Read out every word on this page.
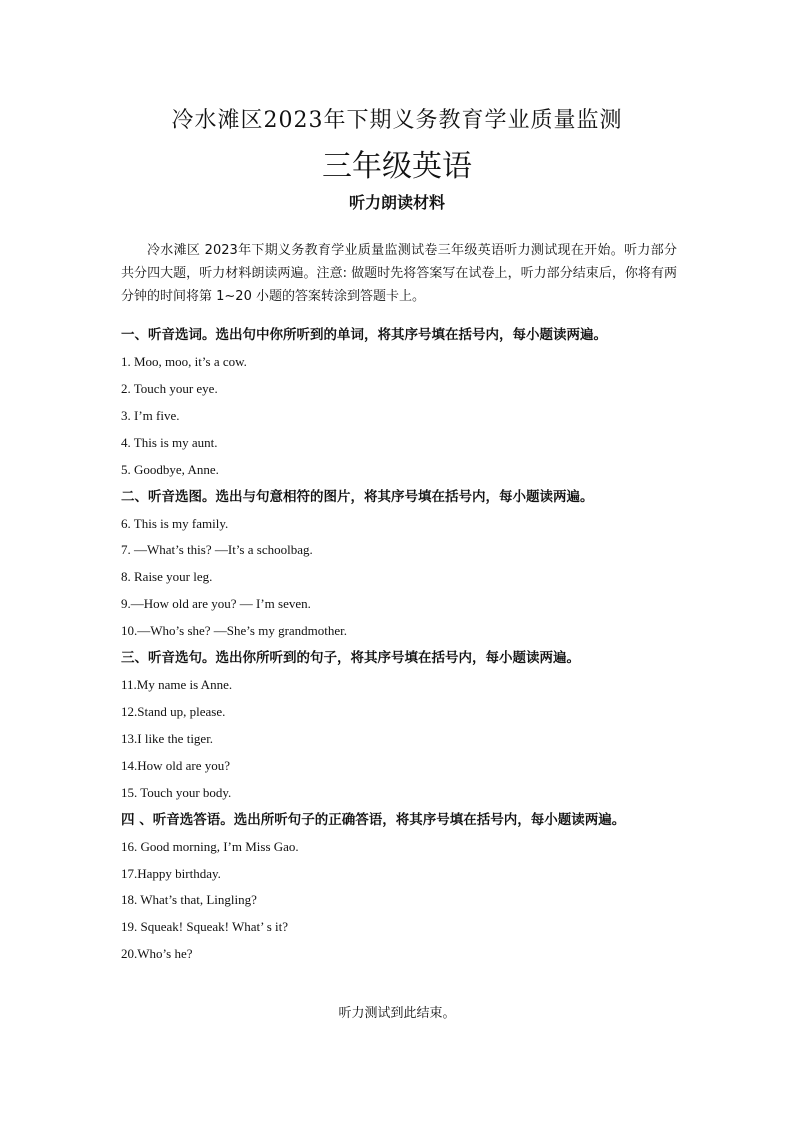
冷水滩区2023年下期义务教育学业质量监测
三年级英语
听力朗读材料

冷水滩区 2023年下期义务教育学业质量监测试卷三年级英语听力测试现在开始。听力部分共分四大题，听力材料朗读两遍。注意: 做题时先将答案写在试卷上，听力部分结束后，你将有两分钟的时间将第 1~20 小题的答案转涂到答题卡上。

一、听音选词。选出句中你所听到的单词，将其序号填在括号内，每小题读两遍。

1. Moo, moo, it’s a cow.

2. Touch your eye.

3. I’m five.

4. This is my aunt.

5. Goodbye, Anne.

二、听音选图。选出与句意相符的图片，将其序号填在括号内，每小题读两遍。

6. This is my family.

7. —What’s this? —It’s a schoolbag.

8. Raise your leg.

9.—How old are you? — I’m seven.

10.—Who’s she? —She’s my grandmother.

三、听音选句。选出你所听到的句子，将其序号填在括号内，每小题读两遍。

11.My name is Anne.

12.Stand up, please.

13.I like the tiger.

14.How old are you?

15. Touch your body.

四 、听音选答语。选出所听句子的正确答语，将其序号填在括号内，每小题读两遍。

16. Good morning, I’m Miss Gao.

17.Happy birthday.

18. What’s that, Lingling?

19. Squeak! Squeak! What’ s it?

20.Who’s he?

听力测试到此结束。
